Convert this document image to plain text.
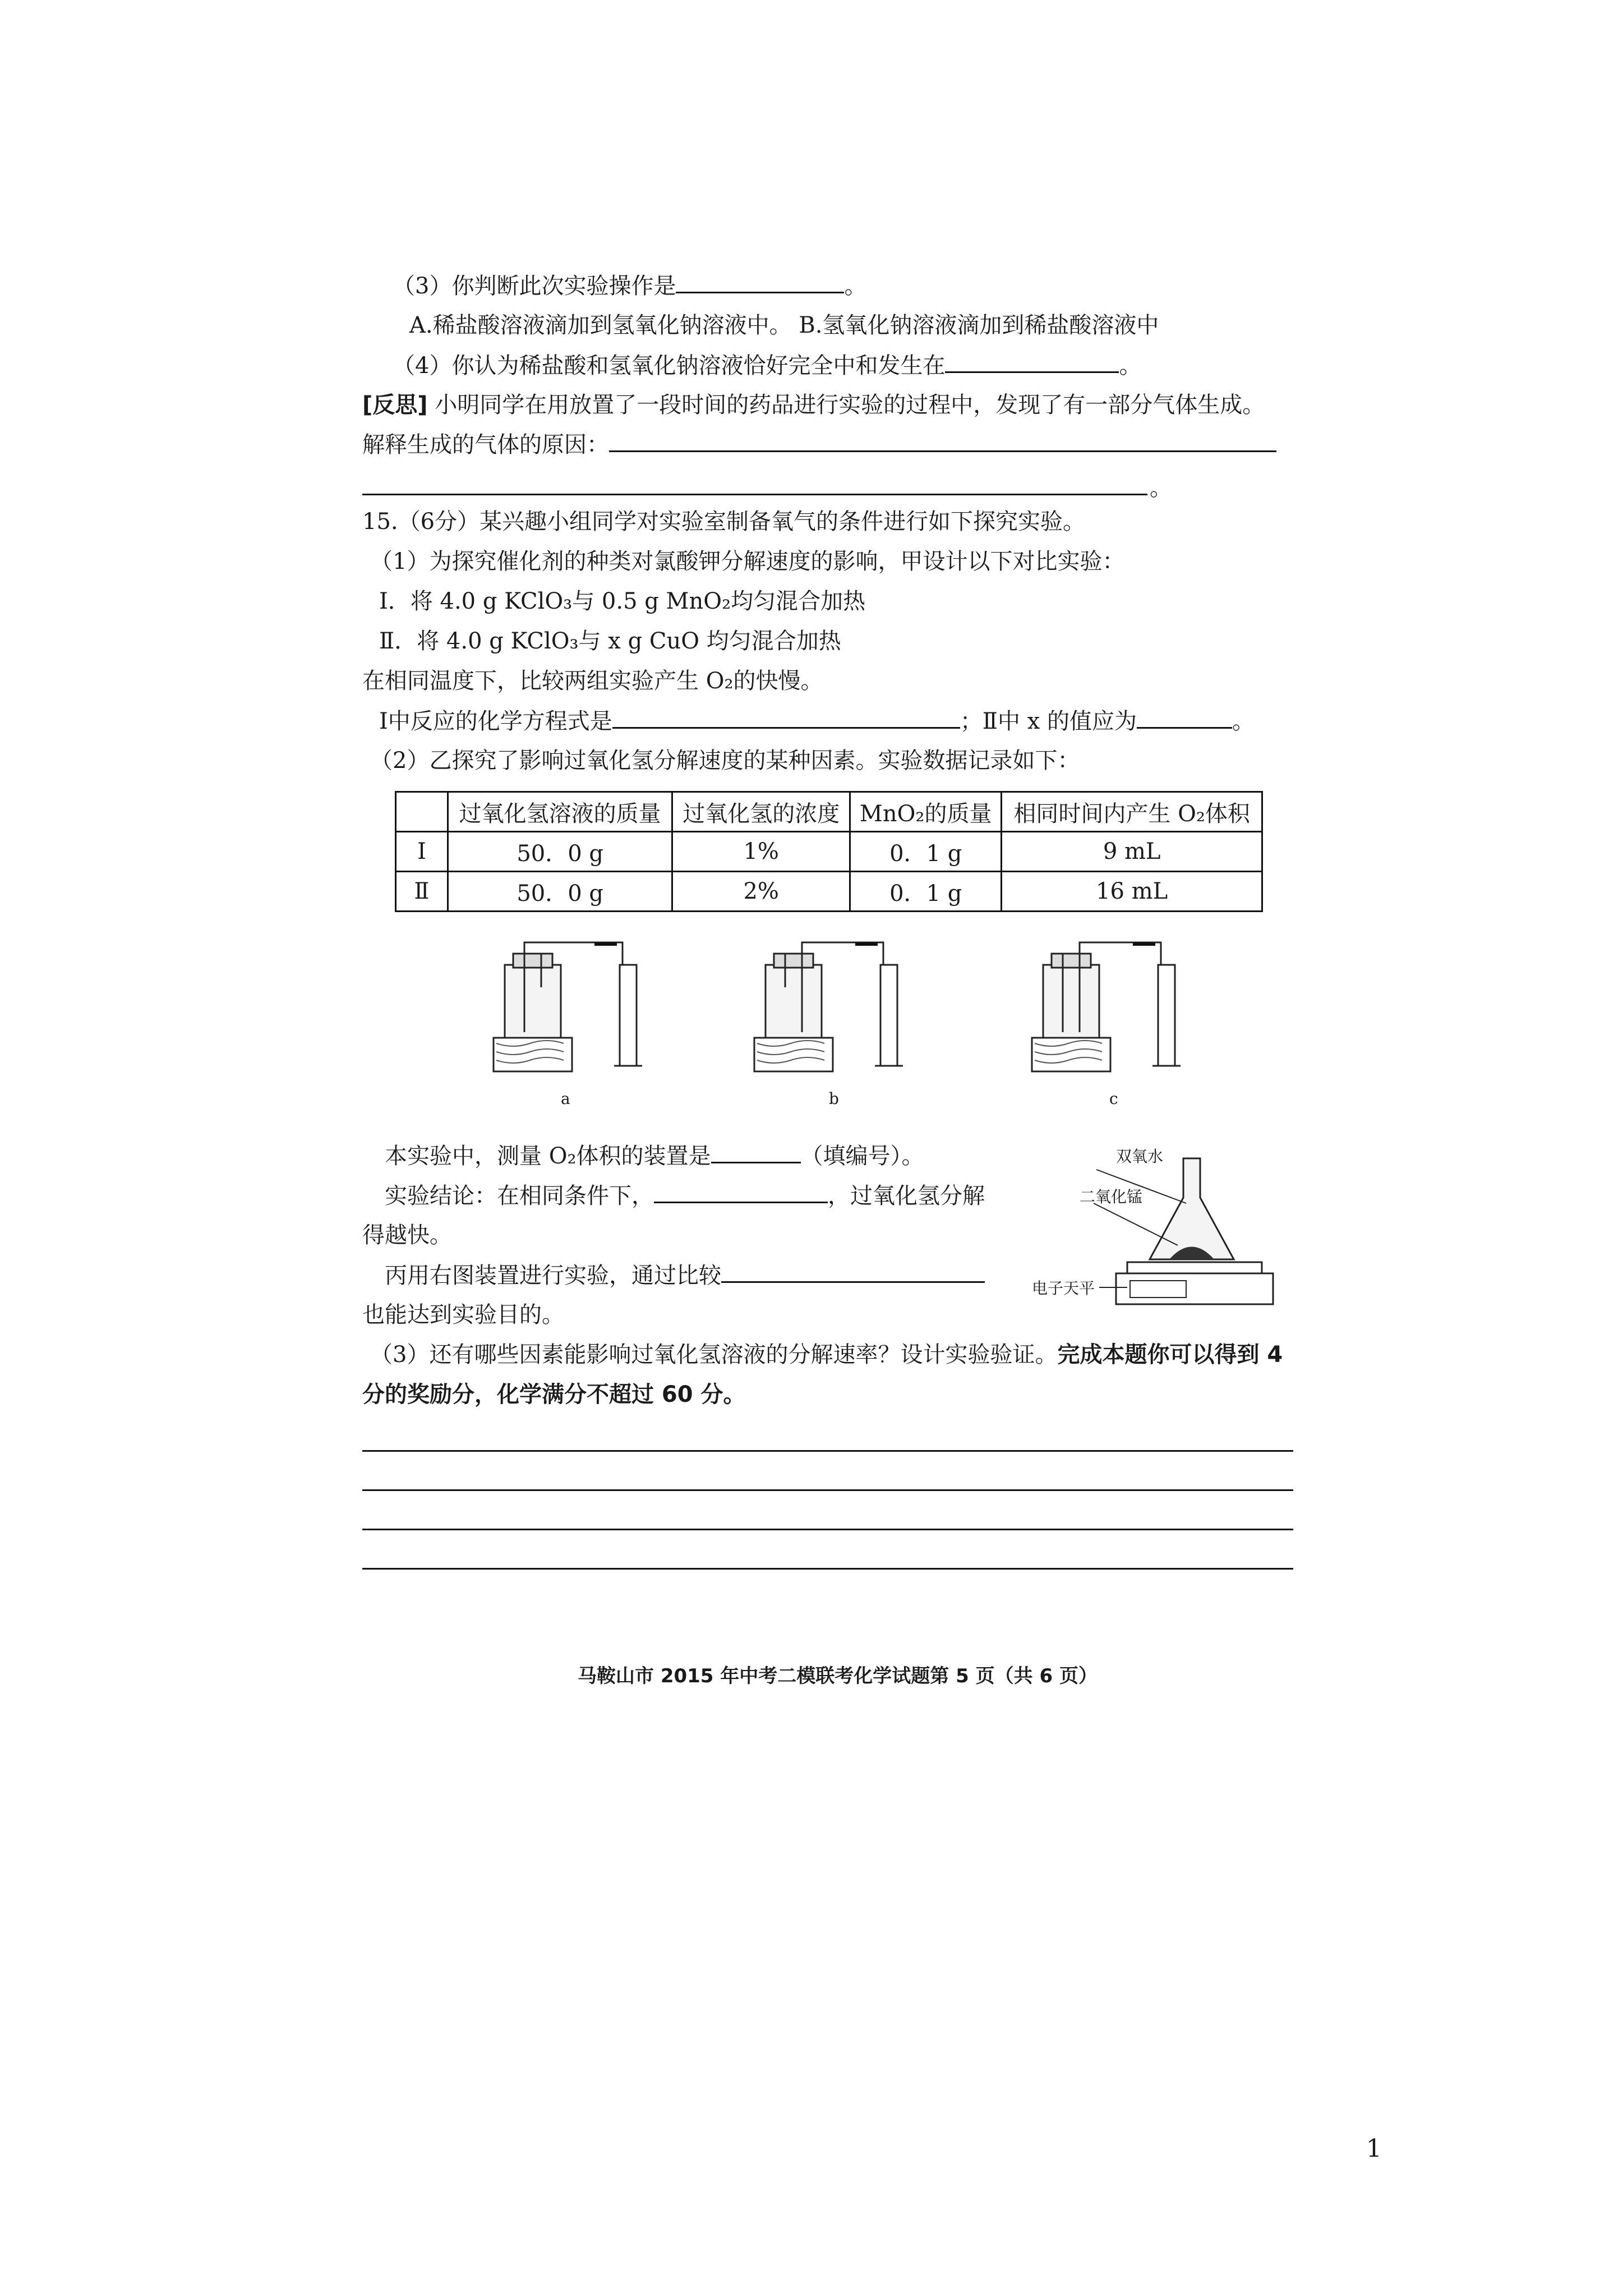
（3）你判断此次实验操作是	。
A.稀盐酸溶液滴加到氢氧化钠溶液中。 B.氢氧化钠溶液滴加到稀盐酸溶液中
（4）你认为稀盐酸和氢氧化钠溶液恰好完全中和发生在	。
[反思] 小明同学在用放置了一段时间的药品进行实验的过程中，发现了有一部分气体生成。
解释生成的气体的原因：
。
15.（6分）某兴趣小组同学对实验室制备氧气的条件进行如下探究实验。
（1）为探究催化剂的种类对氯酸钾分解速度的影响，甲设计以下对比实验：
Ⅰ．将 4.0 g KClO₃与 0.5 g MnO₂均匀混合加热
Ⅱ．将 4.0 g KClO₃与 x g CuO 均匀混合加热
在相同温度下，比较两组实验产生 O₂的快慢。
Ⅰ中反应的化学方程式是	；Ⅱ中 x 的值应为	。
（2）乙探究了影响过氧化氢分解速度的某种因素。实验数据记录如下：
	过氧化氢溶液的质量	过氧化氢的浓度	MnO₂的质量	相同时间内产生 O₂体积
Ⅰ	50．0 g	1%	0．1 g	9 mL
Ⅱ	50．0 g	2%	0．1 g	16 mL
a	b	c
本实验中，测量 O₂体积的装置是	（填编号）。
实验结论：在相同条件下，	，过氧化氢分解
得越快。
丙用右图装置进行实验，通过比较
也能达到实验目的。
双氧水
二氧化锰
电子天平
（3）还有哪些因素能影响过氧化氢溶液的分解速率？设计实验验证。完成本题你可以得到 4
分的奖励分，化学满分不超过 60 分。
马鞍山市 2015 年中考二模联考化学试题第 5 页（共 6 页）
1
